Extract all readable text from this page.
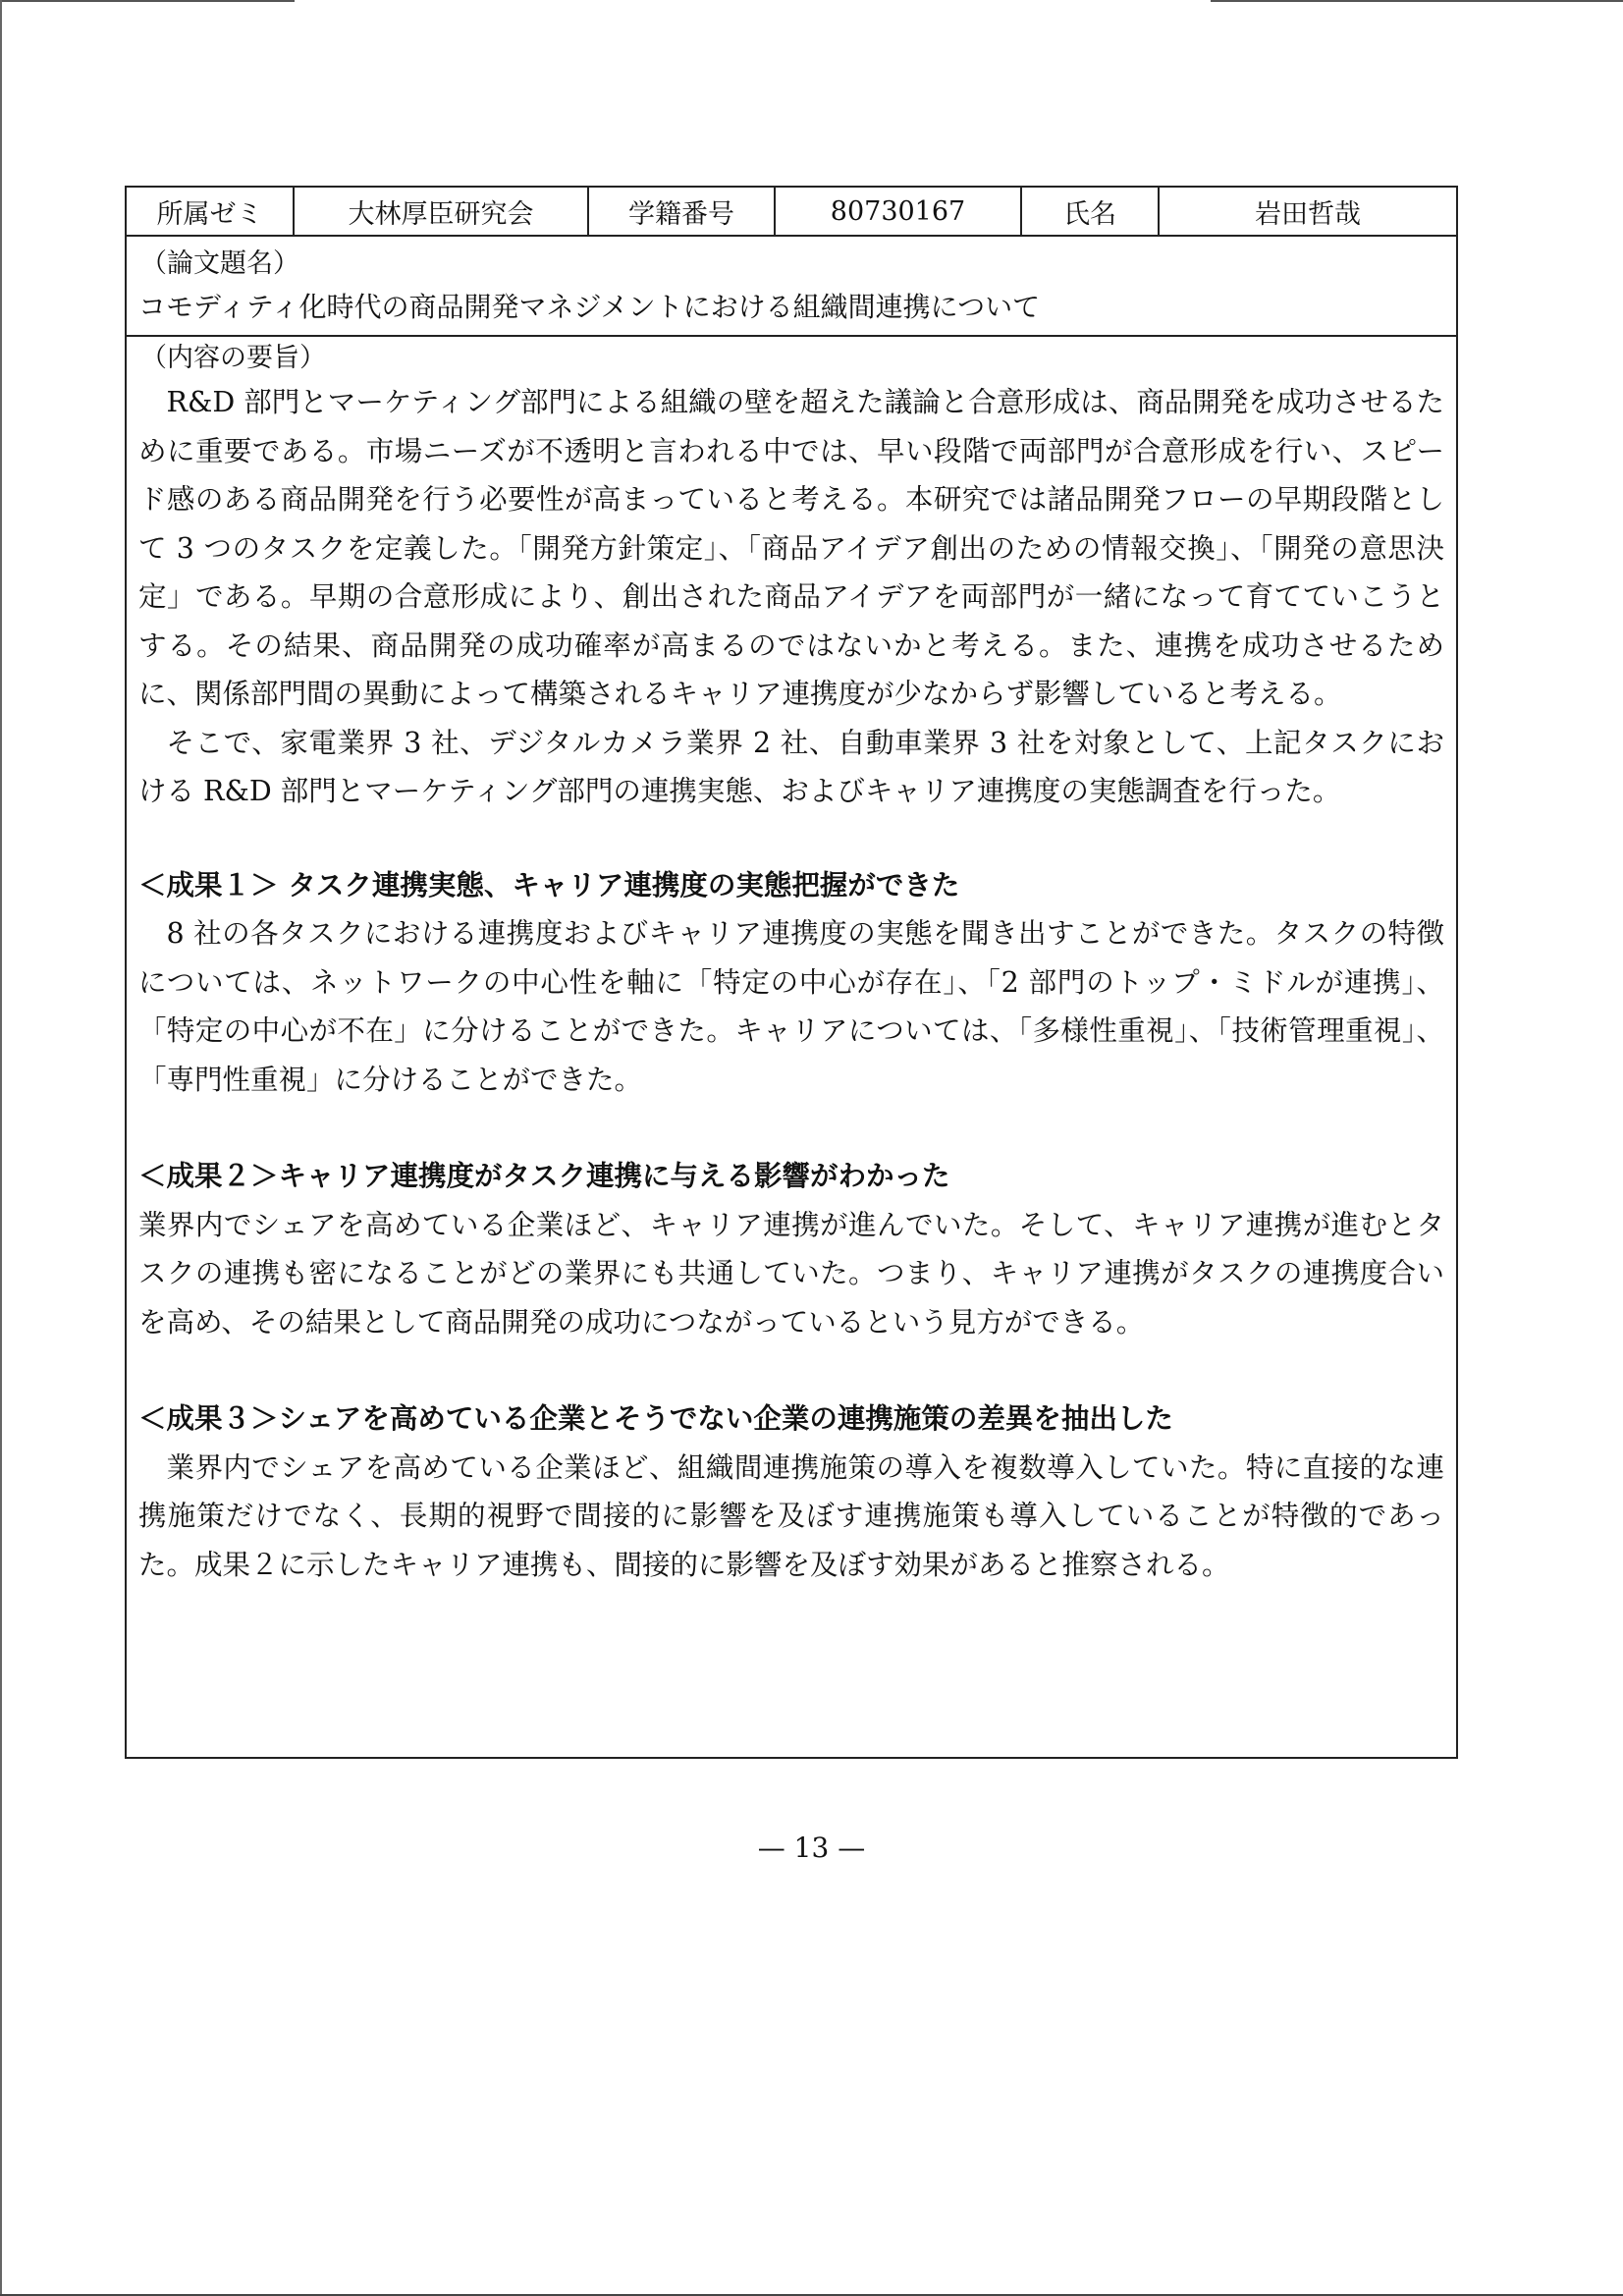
所属ゼミ	大林厚臣研究会	学籍番号	80730167	氏名	岩田哲哉
（論文題名）
コモディティ化時代の商品開発マネジメントにおける組織間連携について
（内容の要旨）

R&D 部門とマーケティング部門による組織の壁を超えた議論と合意形成は、商品開発を成功させるために重要である。市場ニーズが不透明と言われる中では、早い段階で両部門が合意形成を行い、スピード感のある商品開発を行う必要性が高まっていると考える。本研究では諸品開発フローの早期段階として 3 つのタスクを定義した。「開発方針策定」、「商品アイデア創出のための情報交換」、「開発の意思決定」である。早期の合意形成により、創出された商品アイデアを両部門が一緒になって育てていこうとする。その結果、商品開発の成功確率が高まるのではないかと考える。また、連携を成功させるために、関係部門間の異動によって構築されるキャリア連携度が少なからず影響していると考える。

そこで、家電業界 3 社、デジタルカメラ業界 2 社、自動車業界 3 社を対象として、上記タスクにおける R&D 部門とマーケティング部門の連携実態、およびキャリア連携度の実態調査を行った。

＜成果１＞ タスク連携実態、キャリア連携度の実態把握ができた

8 社の各タスクにおける連携度およびキャリア連携度の実態を聞き出すことができた。タスクの特徴については、ネットワークの中心性を軸に「特定の中心が存在」、「2 部門のトップ・ミドルが連携」、「特定の中心が不在」に分けることができた。キャリアについては、「多様性重視」、「技術管理重視」、「専門性重視」に分けることができた。

＜成果２＞キャリア連携度がタスク連携に与える影響がわかった

業界内でシェアを高めている企業ほど、キャリア連携が進んでいた。そして、キャリア連携が進むとタスクの連携も密になることがどの業界にも共通していた。つまり、キャリア連携がタスクの連携度合いを高め、その結果として商品開発の成功につながっているという見方ができる。

＜成果３＞シェアを高めている企業とそうでない企業の連携施策の差異を抽出した

業界内でシェアを高めている企業ほど、組織間連携施策の導入を複数導入していた。特に直接的な連携施策だけでなく、長期的視野で間接的に影響を及ぼす連携施策も導入していることが特徴的であった。成果２に示したキャリア連携も、間接的に影響を及ぼす効果があると推察される。

— 13 —
